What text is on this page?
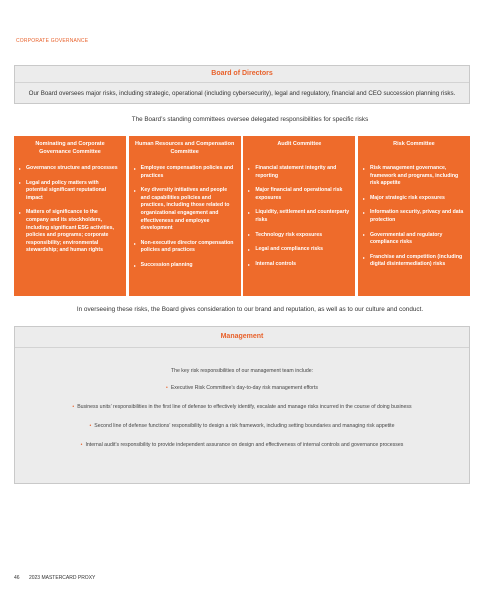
CORPORATE GOVERNANCE
Board of Directors
Our Board oversees major risks, including strategic, operational (including cybersecurity), legal and regulatory, financial and CEO succession planning risks.
The Board’s standing committees oversee delegated responsibilities for specific risks
Nominating and Corporate Governance Committee
Governance structure and processes
Legal and policy matters with potential significant reputational impact
Matters of significance to the company and its stockholders, including significant ESG activities, policies and programs; corporate responsibility; environmental stewardship; and human rights
Human Resources and Compensation Committee
Employee compensation policies and practices
Key diversity initiatives and people and capabilities policies and practices, including those related to organizational engagement and effectiveness and employee development
Non-executive director compensation policies and practices
Succession planning
Audit Committee
Financial statement integrity and reporting
Major financial and operational risk exposures
Liquidity, settlement and counterparty risks
Technology risk exposures
Legal and compliance risks
Internal controls
Risk Committee
Risk management governance, framework and programs, including risk appetite
Major strategic risk exposures
Information security, privacy and data protection
Governmental and regulatory compliance risks
Franchise and competition (including digital disintermediation) risks
In overseeing these risks, the Board gives consideration to our brand and reputation, as well as to our culture and conduct.
Management
The key risk responsibilities of our management team include:
• Executive Risk Committee’s day-to-day risk management efforts
• Business units’ responsibilities in the first line of defense to effectively identify, escalate and manage risks incurred in the course of doing business
• Second line of defense functions’ responsibility to design a risk framework, including setting boundaries and managing risk appetite
• Internal audit’s responsibility to provide independent assurance on design and effectiveness of internal controls and governance processes
46 2023 MASTERCARD PROXY
